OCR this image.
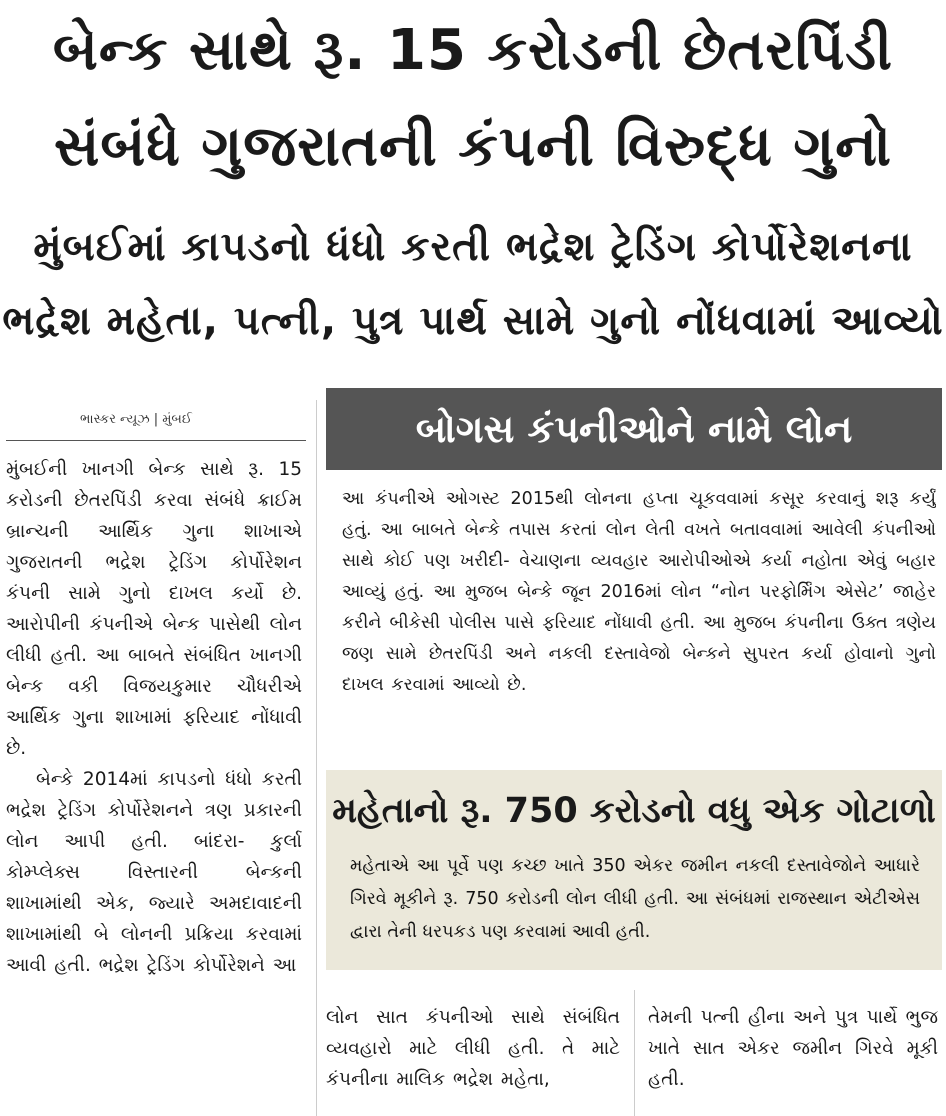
બેન્ક સાથે રૂ. 15 કરોડની છેતરપિંડી
સંબંધે ગુજરાતની કંપની વિરુદ્ધ ગુનો
મુંબઈમાં કાપડનો ધંધો કરતી ભદ્રેશ ટ્રેડિંગ કોર્પોરેશનના
ભદ્રેશ મહેતા, પત્ની, પુત્ર પાર્થ સામે ગુનો નોંધવામાં આવ્યો
ભાસ્કર ન્યૂઝ | મુંબઈ

મુંબઈની ખાનગી બેન્ક સાથે રૂ. 15 કરોડની છેતરપિંડી કરવા સંબંધે ક્રાઈમ બ્રાન્ચની આર્થિક ગુના શાખાએ ગુજરાતની ભદ્રેશ ટ્રેડિંગ કોર્પોરેશન કંપની સામે ગુનો દાખલ કર્યો છે. આરોપીની કંપનીએ બેન્ક પાસેથી લોન લીધી હતી. આ બાબતે સંબંધિત ખાનગી બેન્ક વકી વિજયકુમાર ચૌધરીએ આર્થિક ગુના શાખામાં ફરિયાદ નોંધાવી છે.

બેન્કે 2014માં કાપડનો ધંધો કરતી ભદ્રેશ ટ્રેડિંગ કોર્પોરેશનને ત્રણ પ્રકારની લોન આપી હતી. બાંદરા- કુર્લા કોમ્પ્લેક્સ વિસ્તારની બેન્કની શાખામાંથી એક, જ્યારે અમદાવાદની શાખામાંથી બે લોનની પ્રક્રિયા કરવામાં આવી હતી. ભદ્રેશ ટ્રેડિંગ કોર્પોરેશને આ

બોગસ કંપનીઓને નામે લોન
આ કંપનીએ ઓગસ્ટ 2015થી લોનના હપ્તા ચૂકવવામાં કસૂર કરવાનું શરૂ કર્યું હતું. આ બાબતે બેન્કે તપાસ કરતાં લોન લેતી વખતે બતાવવામાં આવેલી કંપનીઓ સાથે કોઈ પણ ખરીદી- વેચાણના વ્યવહાર આરોપીઓએ કર્યા નહોતા એવું બહાર આવ્યું હતું. આ મુજબ બેન્કે જૂન 2016માં લોન “નોન પરફોર્મિંગ એસેટ’ જાહેર કરીને બીકેસી પોલીસ પાસે ફરિયાદ નોંધાવી હતી. આ મુજબ કંપનીના ઉક્ત ત્રણેય જણ સામે છેતરપિંડી અને નકલી દસ્તાવેજો બેન્કને સુપરત કર્યા હોવાનો ગુનો દાખલ કરવામાં આવ્યો છે.
મહેતાનો રૂ. 750 કરોડનો વધુ એક ગોટાળો
મહેતાએ આ પૂર્વે પણ કચ્છ ખાતે 350 એકર જમીન નકલી દસ્તાવેજોને આધારે ગિરવે મૂકીને રૂ. 750 કરોડની લોન લીધી હતી. આ સંબંધમાં રાજસ્થાન એટીએસ દ્વારા તેની ધરપકડ પણ કરવામાં આવી હતી.
લોન સાત કંપનીઓ સાથે સંબંધિત વ્યવહારો માટે લીધી હતી. તે માટે કંપનીના માલિક ભદ્રેશ મહેતા,
તેમની પત્ની હીના અને પુત્ર પાર્થે ભુજ ખાતે સાત એકર જમીન ગિરવે મૂકી હતી.
